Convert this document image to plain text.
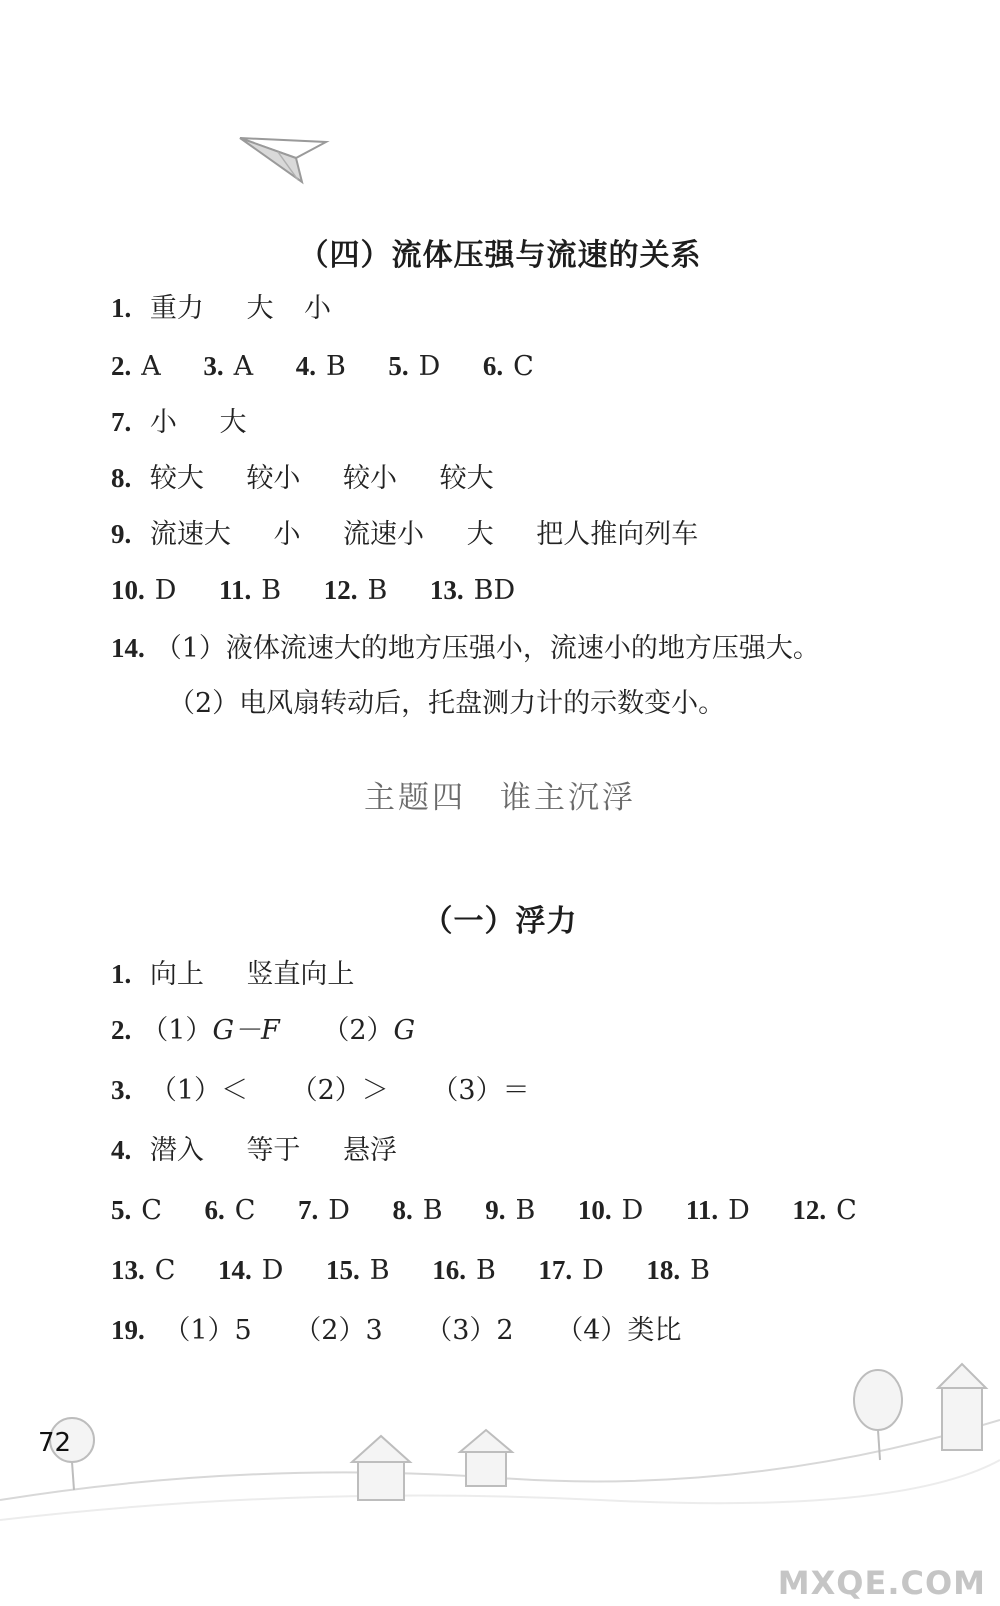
（四）流体压强与流速的关系
1. 重力 大 小
2. A 3. A 4. B 5. D 6. C
7. 小 大
8. 较大 较小 较小 较大
9. 流速大 小 流速小 大 把人推向列车
10. D 11. B 12. B 13. BD
14. （1）液体流速大的地方压强小，流速小的地方压强大。
（2）电风扇转动后，托盘测力计的示数变小。
主题四　谁主沉浮
（一）浮力
1. 向上 竖直向上
2. （1）G－F （2）G
3. （1）＜ （2）＞ （3）＝
4. 潜入 等于 悬浮
5. C 6. C 7. D 8. B 9. B 10. D 11. D 12. C
13. C 14. D 15. B 16. B 17. D 18. B
19. （1）5 （2）3 （3）2 （4）类比
72
MXQE.COM
